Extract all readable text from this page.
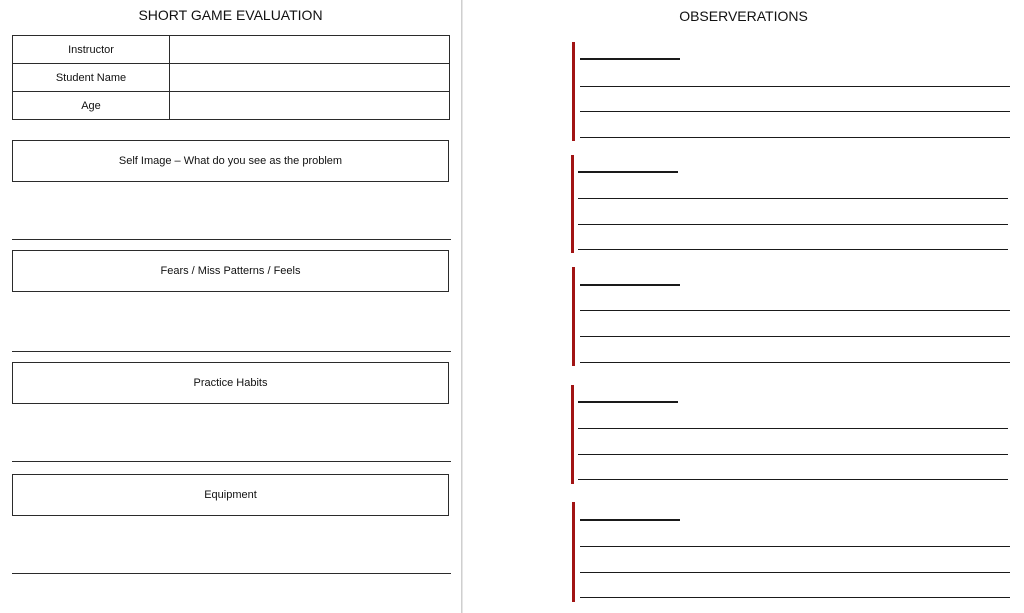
SHORT GAME EVALUATION
Instructor	
Student Name	
Age	
Self Image – What do you see as the problem
Fears / Miss Patterns / Feels
Practice Habits
Equipment
OBSERVERATIONS
